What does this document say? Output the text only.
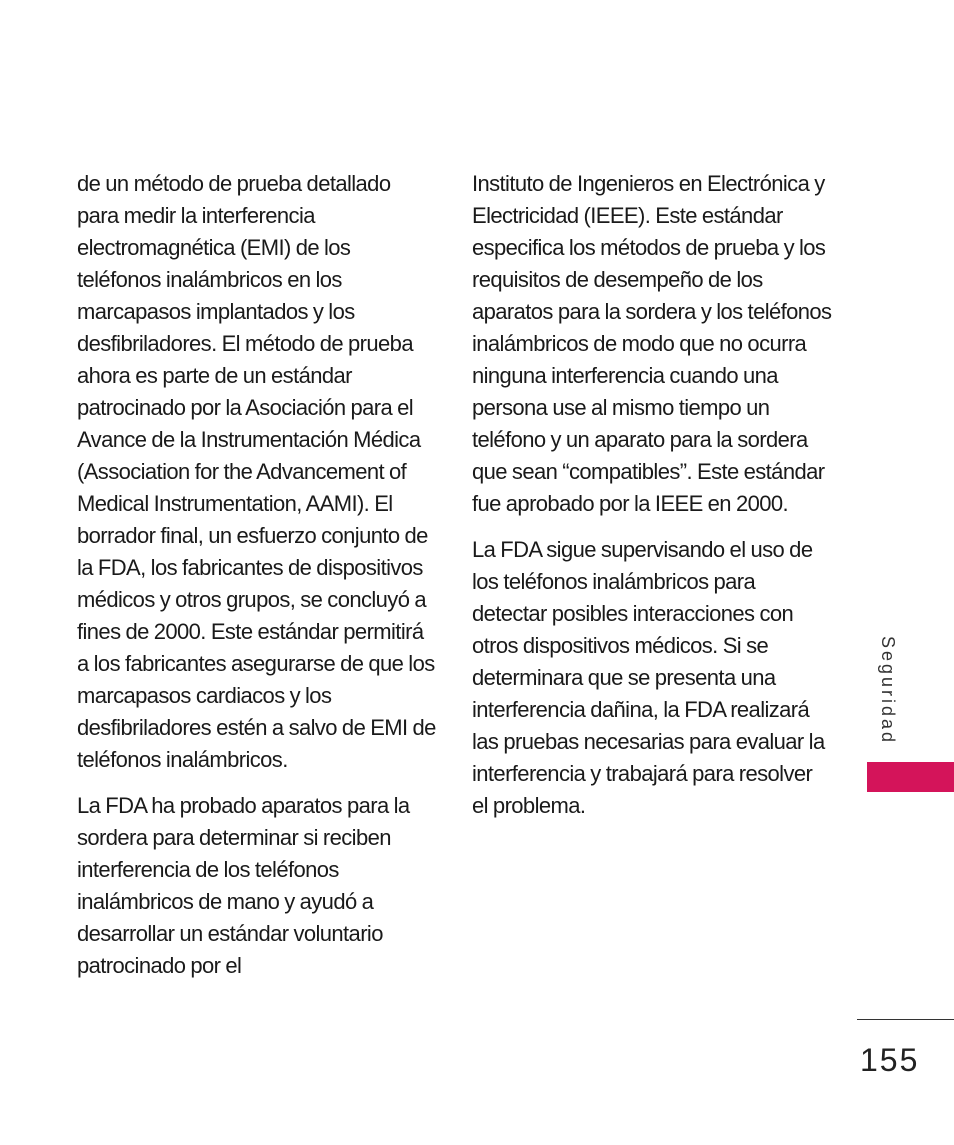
de un método de prueba detallado para medir la interferencia electromagnética (EMI) de los teléfonos inalámbricos en los marcapasos implantados y los desfibriladores. El método de prueba ahora es parte de un estándar patrocinado por la Asociación para el Avance de la Instrumentación Médica (Association for the Advancement of Medical Instrumentation, AAMI). El borrador final, un esfuerzo conjunto de la FDA, los fabricantes de dispositivos médicos y otros grupos, se concluyó a fines de 2000. Este estándar permitirá a los fabricantes asegurarse de que los marcapasos cardiacos y los desfibriladores estén a salvo de EMI de teléfonos inalámbricos.

La FDA ha probado aparatos para la sordera para determinar si reciben interferencia de los teléfonos inalámbricos de mano y ayudó a desarrollar un estándar voluntario patrocinado por el

Instituto de Ingenieros en Electrónica y Electricidad (IEEE). Este estándar especifica los métodos de prueba y los requisitos de desempeño de los aparatos para la sordera y los teléfonos inalámbricos de modo que no ocurra ninguna interferencia cuando una persona use al mismo tiempo un teléfono y un aparato para la sordera que sean “compatibles”. Este estándar fue aprobado por la IEEE en 2000.

La FDA sigue supervisando el uso de los teléfonos inalámbricos para detectar posibles interacciones con otros dispositivos médicos. Si se determinara que se presenta una interferencia dañina, la FDA realizará las pruebas necesarias para evaluar la interferencia y trabajará para resolver el problema.

Seguridad
155
